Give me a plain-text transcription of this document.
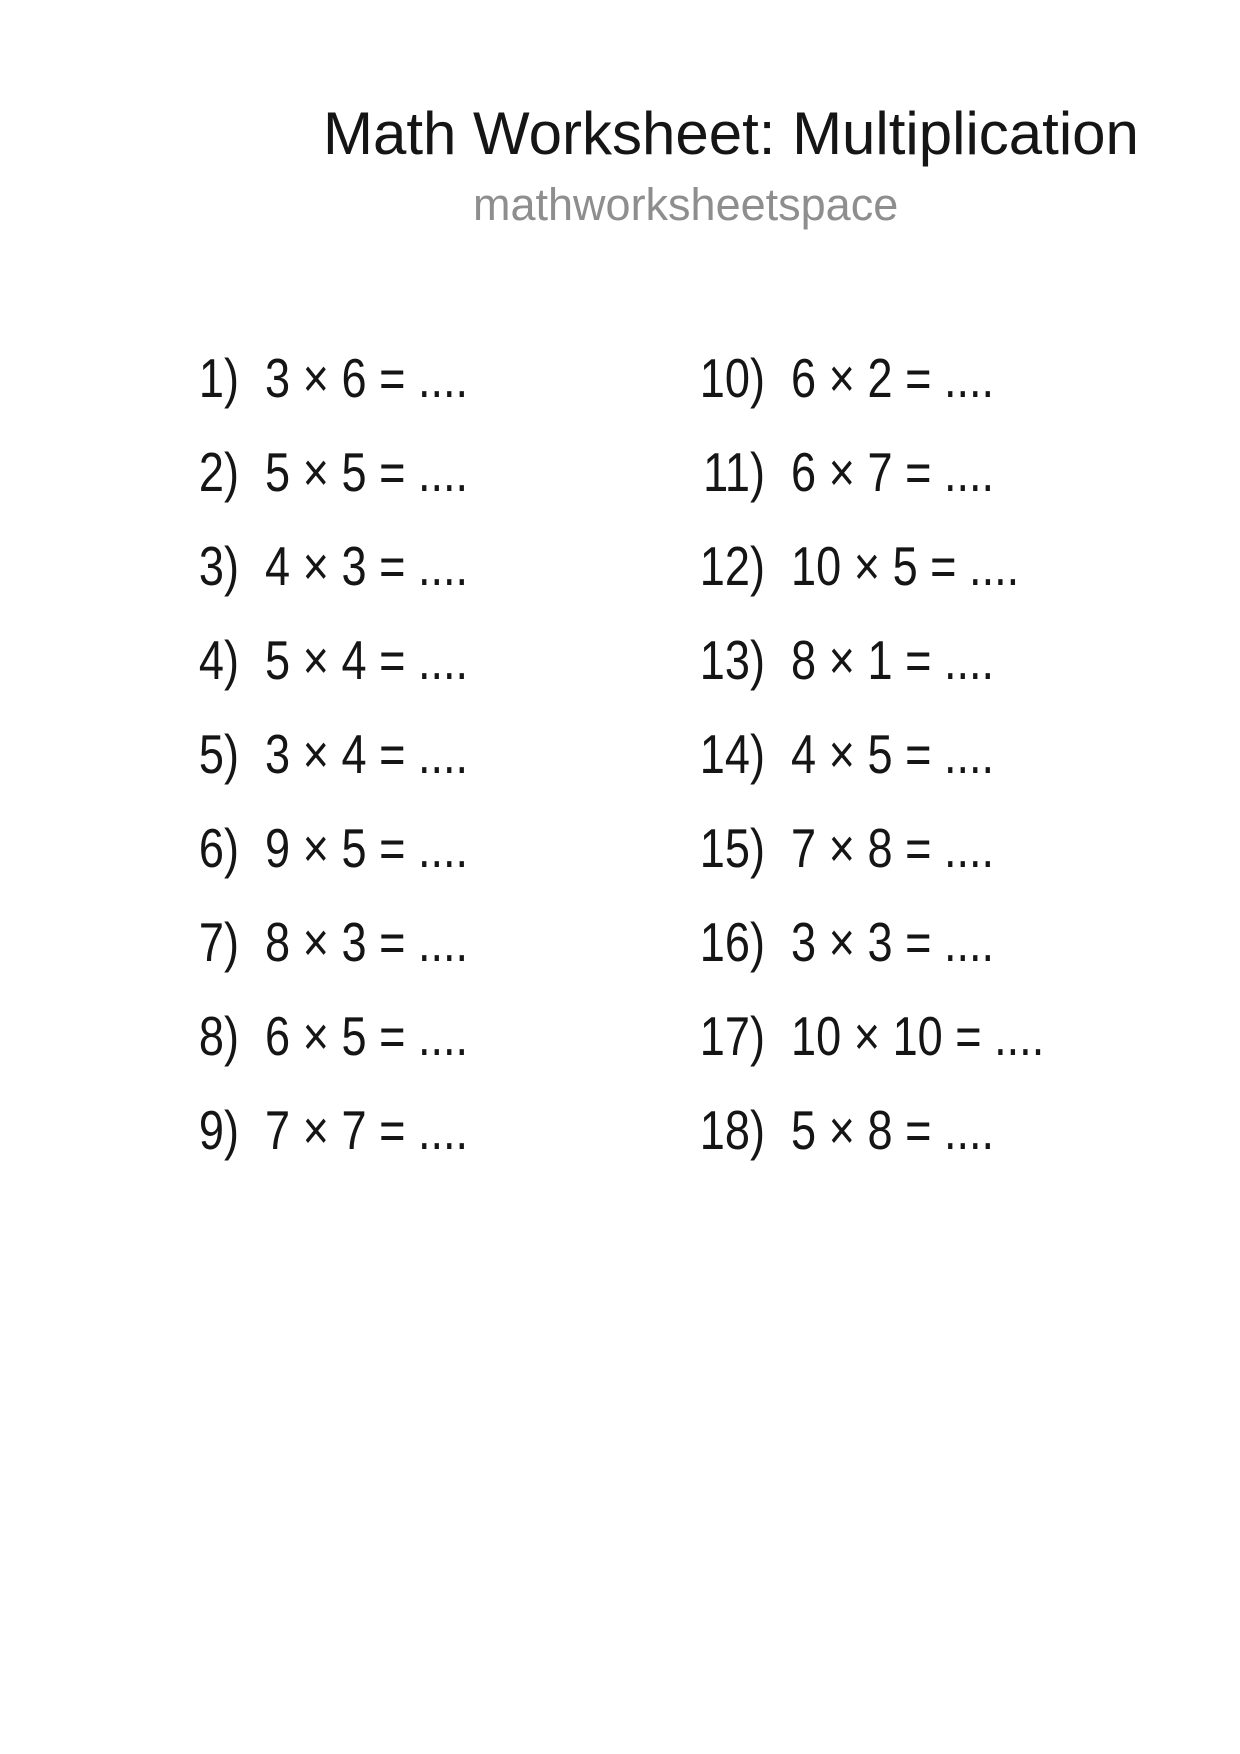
Math Worksheet: Multiplication
mathworksheetspace
1) 3 × 6 = ....
2) 5 × 5 = ....
3) 4 × 3 = ....
4) 5 × 4 = ....
5) 3 × 4 = ....
6) 9 × 5 = ....
7) 8 × 3 = ....
8) 6 × 5 = ....
9) 7 × 7 = ....
10) 6 × 2 = ....
11) 6 × 7 = ....
12) 10 × 5 = ....
13) 8 × 1 = ....
14) 4 × 5 = ....
15) 7 × 8 = ....
16) 3 × 3 = ....
17) 10 × 10 = ....
18) 5 × 8 = ....
